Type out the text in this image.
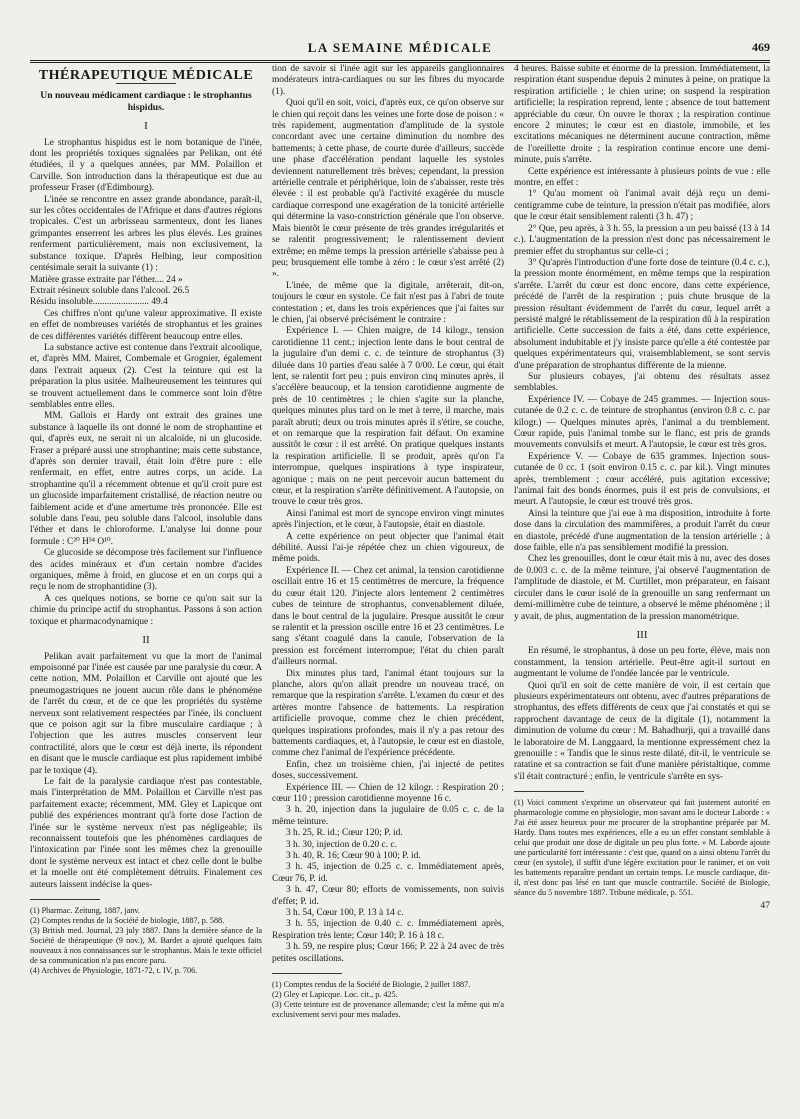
LA SEMAINE MÉDICALE	469
THÉRAPEUTIQUE MÉDICALE
Un nouveau médicament cardiaque : le strophantus hispidus.
I

Le strophantus hispidus est le nom botanique de l'inée, dont les propriétés toxiques signalées par Pelikan, ont été étudiées, il y a quelques années, par MM. Polaillon et Carville. Son introduction dans la thérapeutique est due au professeur Fraser (d'Edimbourg).

L'inée se rencontre en assez grande abondance, paraît-il, sur les côtes occidentales de l'Afrique et dans d'autres régions tropicales. C'est un arbrisseau sarmenteux, dont les lianes grimpantes enserrent les arbres les plus élevés. Les graines renferment particulièrement, mais non exclusivement, la substance toxique. D'après Helbing, leur composition centésimale serait la suivante (1) :

Matière grasse extraite par l'éther.... 24 »

Extrait résineux soluble dans l'alcool. 26.5

Résidu insoluble........................ 49.4

Ces chiffres n'ont qu'une valeur approximative. Il existe en effet de nombreuses variétés de strophantus et les graines de ces différentes variétés diffèrent beaucoup entre elles.

La substance active est contenue dans l'extrait alcoolique, et, d'après MM. Mairet, Combemale et Grognier, également dans l'extrait aqueux (2). C'est la teinture qui est la préparation la plus usitée. Malheureusement les teintures qui se trouvent actuellement dans le commerce sont loin d'être semblables entre elles.

MM. Gallois et Hardy ont extrait des graines une substance à laquelle ils ont donné le nom de strophantine et qui, d'après eux, ne serait ni un alcaloïde, ni un glucoside. Fraser a préparé aussi une strophantine; mais cette substance, d'après son dernier travail, était loin d'être pure : elle renfermait, en effet, entre autres corps, un acide. La strophantine qu'il a récemment obtenue et qu'il croit pure est un glucoside imparfaitement cristallisé, de réaction neutre ou faiblement acide et d'une amertume très prononcée. Elle est soluble dans l'eau, peu soluble dans l'alcool, insoluble dans l'éther et dans le chloroforme. L'analyse lui donne pour formule : C²⁰ H³⁴ O¹⁰.

Ce glucoside se décompose très facilement sur l'influence des acides minéraux et d'un certain nombre d'acides organiques, même à froid, en glucose et en un corps qui a reçu le nom de strophantidine (3).

A ces quelques notions, se borne ce qu'on sait sur la chimie du principe actif du strophantus. Passons à son action toxique et pharmacodynamique :

II

Pelikan avait parfaitement vu que la mort de l'animal empoisonné par l'inée est causée par une paralysie du cœur. A cette notion, MM. Polaillon et Carville ont ajouté que les pneumogastriques ne jouent aucun rôle dans le phénomène de l'arrêt du cœur, et de ce que les propriétés du système nerveux sont relativement respectées par l'inée, ils concluent que ce poison agit sur la fibre musculaire cardiaque ; à l'objection que les autres muscles conservent leur contractilité, alors que le cœur est déjà inerte, ils répondent en disant que le muscle cardiaque est plus rapidement imbibé par le toxique (4).

Le fait de la paralysie cardiaque n'est pas contestable, mais l'interprétation de MM. Polaillon et Carville n'est pas parfaitement exacte; récemment, MM. Gley et Lapicque ont publié des expériences montrant qu'à forte dose l'action de l'inée sur le système nerveux n'est pas négligeable; ils reconnaissent toutefois que les phénomènes cardiaques de l'intoxication par l'inée sont les mêmes chez la grenouille dont le système nerveux est intact et chez celle dont le bulbe et la moelle ont été complètement détruits. Finalement ces auteurs laissent indécise la ques-

(1) Pharmac. Zeitung, 1887, janv.

(2) Comptes rendus de la Société de biologie, 1887, p. 588.

(3) British med. Journal, 23 july 1887. Dans la dernière séance de la Société de thérapeutique (9 nov.), M. Bardet a ajouté quelques faits nouveaux à nos connaissances sur le strophantus. Mais le texte officiel de sa communication n'a pas encore paru.

(4) Archives de Physiologie, 1871-72, t. IV, p. 706.

tion de savoir si l'inée agit sur les appareils ganglionnaires modérateurs intra-cardiaques ou sur les fibres du myocarde (1).

Quoi qu'il en soit, voici, d'après eux, ce qu'on observe sur le chien qui reçoit dans les veines une forte dose de poison : « très rapidement, augmentation d'amplitude de la systole concordant avec une certaine diminution du nombre des battements; à cette phase, de courte durée d'ailleurs, succède une phase d'accélération pendant laquelle les systoles deviennent naturellement très brèves; cependant, la pression artérielle centrale et périphérique, loin de s'abaisser, reste très élevée : il est probable qu'à l'activité exagérée du muscle cardiaque correspond une exagération de la tonicité artérielle qui détermine la vaso-constriction générale que l'on observe. Mais bientôt le cœur présente de très grandes irrégularités et se ralentit progressivement; le ralentissement devient extrême; en même temps la pression artérielle s'abaisse peu à peu; brusquement elle tombe à zéro : le cœur s'est arrêté (2) ».

L'inée, de même que la digitale, arrêterait, dit-on, toujours le cœur en systole. Ce fait n'est pas à l'abri de toute contestation ; et, dans les trois expériences que j'ai faites sur le chien, j'ai observé précisément le contraire :

Expérience I. — Chien maigre, de 14 kilogr., tension carotidienne 11 cent.; injection lente dans le bout central de la jugulaire d'un demi c. c. de teinture de strophantus (3) diluée dans 10 parties d'eau salée à 7 0/00. Le cœur, qui était lent, se ralentit fort peu ; puis environ cinq minutes après, il s'accélère beaucoup, et la tension carotidienne augmente de près de 10 centimètres ; le chien s'agite sur la planche, quelques minutes plus tard on le met à terre, il marche, mais paraît abruti; deux ou trois minutes après il s'étire, se couche, et on remarque que la respiration fait défaut. On examine aussitôt le cœur : il est arrêté. On pratique quelques instants la respiration artificielle. Il se produit, après qu'on l'a interrompue, quelques inspirations à type inspirateur, agonique ; mais on ne peut percevoir aucun battement du cœur, et la respiration s'arrête définitivement. A l'autopsie, on trouve le cœur très gros.

Ainsi l'animal est mort de syncope environ vingt minutes après l'injection, et le cœur, à l'autopsie, était en diastole.

A cette expérience on peut objecter que l'animal était débilité. Aussi l'ai-je répétée chez un chien vigoureux, de même poids.

Expérience II. — Chez cet animal, la tension carotidienne oscillait entre 16 et 15 centimètres de mercure, la fréquence du cœur était 120. J'injecte alors lentement 2 centimètres cubes de teinture de strophantus, convenablement diluée, dans le bout central de la jugulaire. Presque aussitôt le cœur se ralentit et la pression oscille entre 16 et 23 centimètres. Le sang s'étant coagulé dans la canule, l'observation de la pression est forcément interrompue; l'état du chien paraît d'ailleurs normal.

Dix minutes plus tard, l'animal étant toujours sur la planche, alors qu'on allait prendre un nouveau tracé, on remarque que la respiration s'arrête. L'examen du cœur et des artères montre l'absence de battements. La respiration artificielle provoque, comme chez le chien précédent, quelques inspirations profondes, mais il n'y a pas retour des battements cardiaques, et, à l'autopsie, le cœur est en diastole, comme chez l'animal de l'expérience précédente.

Enfin, chez un troisième chien, j'ai injecté de petites doses, successivement.

Expérience III. — Chien de 12 kilogr. : Respiration 20 ; cœur 110 ; pression carotidienne moyenne 16 c.

3 h. 20, injection dans la jugulaire de 0.05 c. c. de la même teinture.

3 h. 25, R. id.; Cœur 120; P. id.

3 h. 30, injection de 0.20 c. c.

3 h. 40, R. 16; Cœur 90 à 100; P. id.

3 h. 45, injection de 0.25 c. c. Immédiatement après, Cœur 76, P. id.

3 h. 47, Cœur 80; efforts de vomissements, non suivis d'effet; P. id.

3 h. 54, Cœur 100, P. 13 à 14 c.

3 h. 55, injection de 0.40 c. c. Immédiatement après, Respiration très lente; Cœur 140; P. 16 à 18 c.

3 h. 59, ne respire plus; Cœur 166; P. 22 à 24 avec de très petites oscillations.

(1) Comptes rendus de la Société de Biologie, 2 juillet 1887.

(2) Gley et Lapicque. Loc. cit., p. 425.

(3) Cette teinture est de provenance allemande; c'est la même qui m'a exclusivement servi pour mes malades.

4 heures. Baisse subite et énorme de la pression. Immédiatement, la respiration étant suspendue depuis 2 minutes à peine, on pratique la respiration artificielle ; le chien urine; on suspend la respiration artificielle; la respiration reprend, lente ; absence de tout battement appréciable du cœur. On ouvre le thorax ; la respiration continue encore 2 minutes; le cœur est en diastole, immobile, et les excitations mécaniques ne déterminent aucune contraction, même de l'oreillette droite ; la respiration continue encore une demi-minute, puis s'arrête.

Cette expérience est intéressante à plusieurs points de vue : elle montre, en effet :

1° Qu'au moment où l'animal avait déjà reçu un demi-centigramme cube de teinture, la pression n'était pas modifiée, alors que le cœur était sensiblement ralenti (3 h. 47) ;

2° Que, peu après, à 3 h. 55, la pression a un peu baissé (13 à 14 c.). L'augmentation de la pression n'est donc pas nécessairement le premier effet du strophantus sur celle-ci ;

3° Qu'après l'introduction d'une forte dose de teinture (0.4 c. c.), la pression monte énormément, en même temps que la respiration s'arrête. L'arrêt du cœur est donc encore, dans cette expérience, précédé de l'arrêt de la respiration ; puis chute brusque de la pression résultant évidemment de l'arrêt du cœur, lequel arrêt a persisté malgré le rétablissement de la respiration dû à la respiration artificielle. Cette succession de faits a été, dans cette expérience, absolument indubitable et j'y insiste parce qu'elle a été contestée par quelques expérimentateurs qui, vraisemblablement, se sont servis d'une préparation de strophantus différente de la mienne.

Sur plusieurs cobayes, j'ai obtenu des résultats assez semblables.

Expérience IV. — Cobaye de 245 grammes. — Injection sous-cutanée de 0.2 c. c. de teinture de strophantus (environ 0.8 c. c. par kilogr.) — Quelques minutes après, l'animal a du tremblement. Cœur rapide, puis l'animal tombe sur le flanc, est pris de grands mouvements convulsifs et meurt. A l'autopsie, le cœur est très gros.

Expérience V. — Cobaye de 635 grammes. Injection sous-cutanée de 0 cc. 1 (soit environ 0.15 c. c. par kil.). Vingt minutes après, tremblement ; cœur accéléré, puis agitation excessive; l'animal fait des bonds énormes, puis il est pris de convulsions, et meurt. A l'autopsie, le cœur est trouvé très gros.

Ainsi la teinture que j'ai eue à ma disposition, introduite à forte dose dans la circulation des mammifères, a produit l'arrêt du cœur en diastole, précédé d'une augmentation de la tension artérielle ; à dose faible, elle n'a pas sensiblement modifié la pression.

Chez les grenouilles, dont le cœur était mis à nu, avec des doses de 0.003 c. c. de la même teinture, j'ai observé l'augmentation de l'amplitude de diastole, et M. Curtillet, mon préparateur, en faisant circuler dans le cœur isolé de la grenouille un sang renfermant un demi-millimètre cube de teinture, a observé le même phénomène ; il y avait, de plus, augmentation de la pression manométrique.

III

En résumé, le strophantus, à dose un peu forte, élève, mais non constamment, la tension artérielle. Peut-être agit-il surtout en augmentant le volume de l'ondée lancée par le ventricule.

Quoi qu'il en soit de cette manière de voir, il est certain que plusieurs expérimentateurs ont obtenu, avec d'autres préparations de strophantus, des effets différents de ceux que j'ai constatés et qui se rapprochent davantage de ceux de la digitale (1), notamment la diminution de volume du cœur : M. Bahadhurji, qui a travaillé dans le laboratoire de M. Langgaard, la mentionne expressément chez la grenouille : « Tandis que le sinus reste dilaté, dit-il, le ventricule se ratatine et sa contraction se fait d'une manière péristaltique, comme s'il était contracturé ; enfin, le ventricule s'arrête en sys-

(1) Voici comment s'exprime un observateur qui fait justement autorité en pharmacologie comme en physiologie, mon savant ami le docteur Laborde : « J'ai été assez heureux pour me procurer de la strophantine préparée par M. Hardy. Dans toutes mes expériences, elle a eu un effet constant semblable à celui que produit une dose de digitale un peu plus forte. » M. Laborde ajoute une particularité fort intéressante : c'est que, quand on a ainsi obtenu l'arrêt du cœur (en systole), il suffit d'une légère excitation pour le ranimer, et on voit les battements reparaître pendant un certain temps. Le muscle cardiaque, dit-il, n'est donc pas lésé en tant que muscle contractile. Société de Biologie, séance du 5 novembre 1887. Tribune médicale, p. 551.

47
